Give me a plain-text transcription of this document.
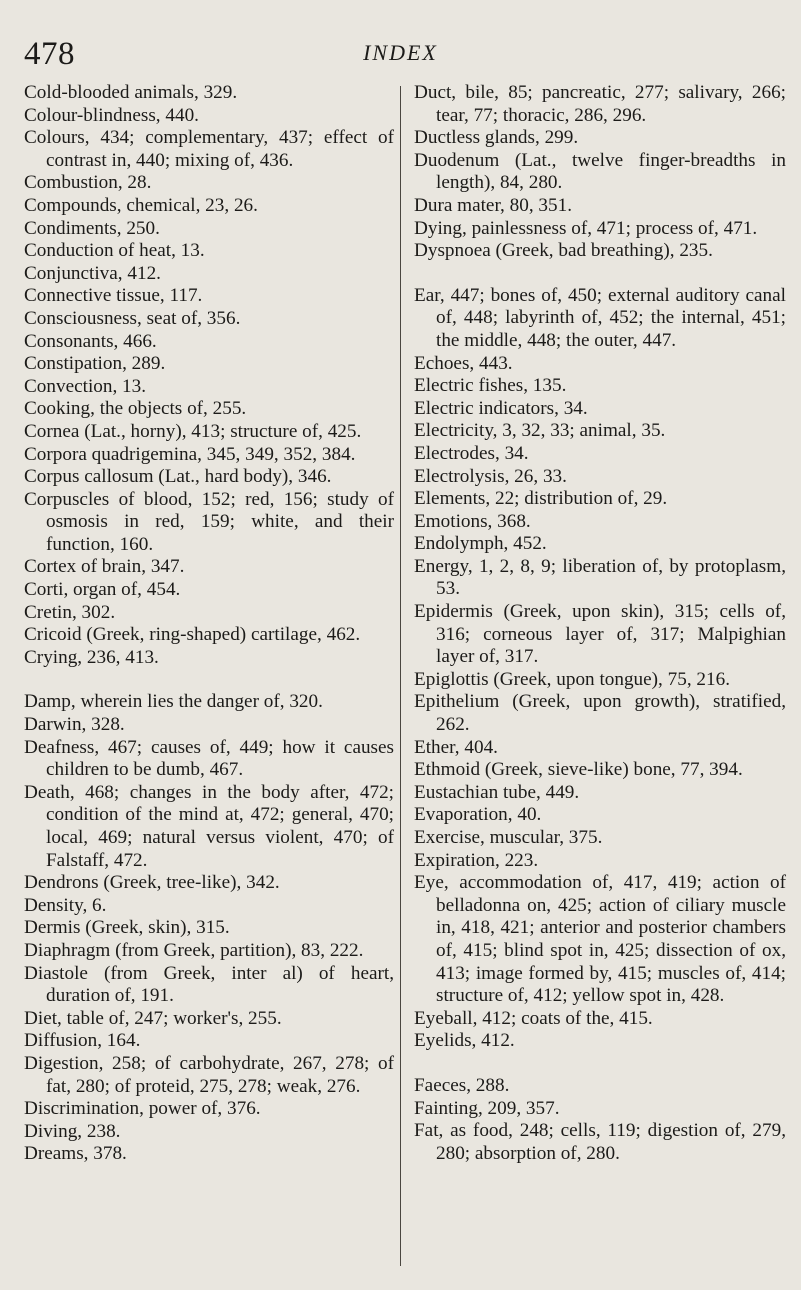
478	INDEX
Cold-blooded animals, 329.
Colour-blindness, 440.
Colours, 434; complementary, 437; effect of contrast in, 440; mixing of, 436.
Combustion, 28.
Compounds, chemical, 23, 26.
Condiments, 250.
Conduction of heat, 13.
Conjunctiva, 412.
Connective tissue, 117.
Consciousness, seat of, 356.
Consonants, 466.
Constipation, 289.
Convection, 13.
Cooking, the objects of, 255.
Cornea (Lat., horny), 413; structure of, 425.
Corpora quadrigemina, 345, 349, 352, 384.
Corpus callosum (Lat., hard body), 346.
Corpuscles of blood, 152; red, 156; study of osmosis in red, 159; white, and their function, 160.
Cortex of brain, 347.
Corti, organ of, 454.
Cretin, 302.
Cricoid (Greek, ring-shaped) cartilage, 462.
Crying, 236, 413.
Damp, wherein lies the danger of, 320.
Darwin, 328.
Deafness, 467; causes of, 449; how it causes children to be dumb, 467.
Death, 468; changes in the body after, 472; condition of the mind at, 472; general, 470; local, 469; natural versus violent, 470; of Falstaff, 472.
Dendrons (Greek, tree-like), 342.
Density, 6.
Dermis (Greek, skin), 315.
Diaphragm (from Greek, partition), 83, 222.
Diastole (from Greek, inter al) of heart, duration of, 191.
Diet, table of, 247; worker's, 255.
Diffusion, 164.
Digestion, 258; of carbohydrate, 267, 278; of fat, 280; of proteid, 275, 278; weak, 276.
Discrimination, power of, 376.
Diving, 238.
Dreams, 378.
Duct, bile, 85; pancreatic, 277; salivary, 266; tear, 77; thoracic, 286, 296.
Ductless glands, 299.
Duodenum (Lat., twelve finger-breadths in length), 84, 280.
Dura mater, 80, 351.
Dying, painlessness of, 471; process of, 471.
Dyspnoea (Greek, bad breathing), 235.
Ear, 447; bones of, 450; external auditory canal of, 448; labyrinth of, 452; the internal, 451; the middle, 448; the outer, 447.
Echoes, 443.
Electric fishes, 135.
Electric indicators, 34.
Electricity, 3, 32, 33; animal, 35.
Electrodes, 34.
Electrolysis, 26, 33.
Elements, 22; distribution of, 29.
Emotions, 368.
Endolymph, 452.
Energy, 1, 2, 8, 9; liberation of, by protoplasm, 53.
Epidermis (Greek, upon skin), 315; cells of, 316; corneous layer of, 317; Malpighian layer of, 317.
Epiglottis (Greek, upon tongue), 75, 216.
Epithelium (Greek, upon growth), stratified, 262.
Ether, 404.
Ethmoid (Greek, sieve-like) bone, 77, 394.
Eustachian tube, 449.
Evaporation, 40.
Exercise, muscular, 375.
Expiration, 223.
Eye, accommodation of, 417, 419; action of belladonna on, 425; action of ciliary muscle in, 418, 421; anterior and posterior chambers of, 415; blind spot in, 425; dissection of ox, 413; image formed by, 415; muscles of, 414; structure of, 412; yellow spot in, 428.
Eyeball, 412; coats of the, 415.
Eyelids, 412.
Faeces, 288.
Fainting, 209, 357.
Fat, as food, 248; cells, 119; digestion of, 279, 280; absorption of, 280.
